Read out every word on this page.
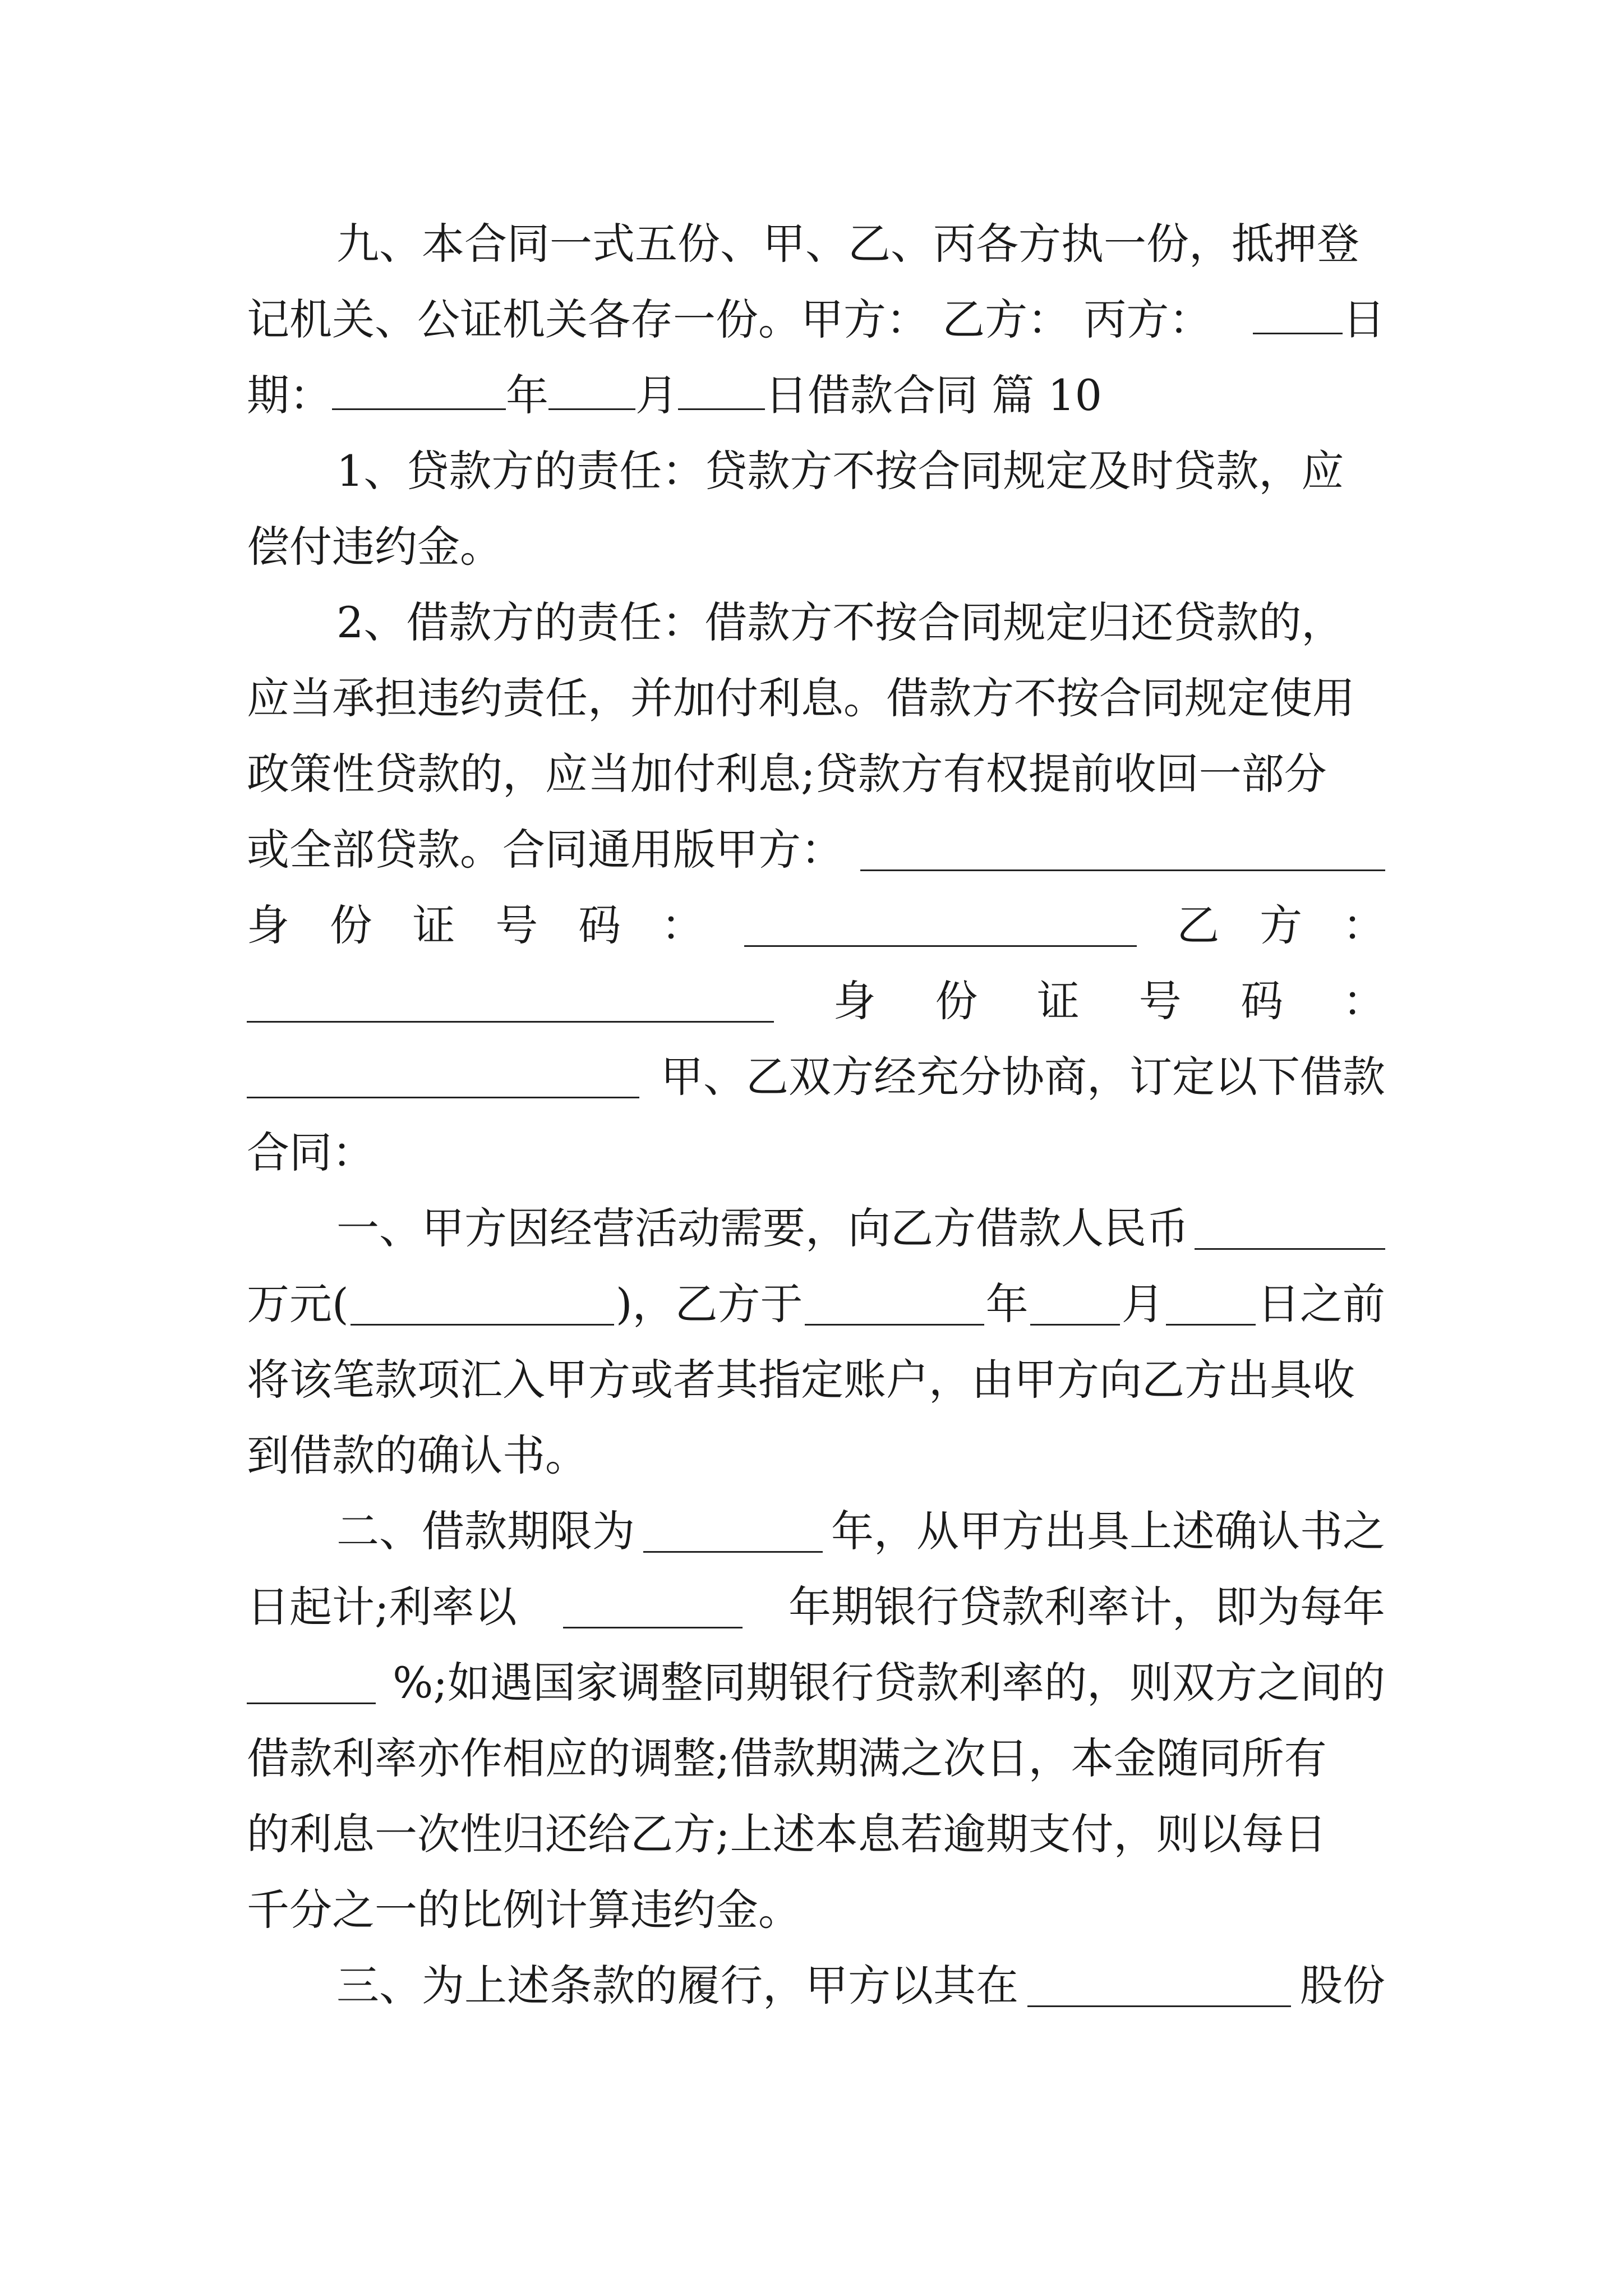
九、本合同一式五份、甲、乙、丙各方执一份，抵押登
记机关、公证机关各存一份。甲方： 乙方： 丙方：	日
期：	年 月 日借款合同 篇 10
1、贷款方的责任：贷款方不按合同规定及时贷款，应
偿付违约金。
2、借款方的责任：借款方不按合同规定归还贷款的，
应当承担违约责任，并加付利息。借款方不按合同规定使用
政策性贷款的，应当加付利息;贷款方有权提前收回一部分
或全部贷款。合同通用版甲方：
身 份 证 号 码 ：	乙 方 ：
身 份 证 号 码 ：
甲、乙双方经充分协商，订定以下借款
合同：
一、甲方因经营活动需要，向乙方借款人民币
万元(	)，乙方于	年 月 日之前
将该笔款项汇入甲方或者其指定账户，由甲方向乙方出具收
到借款的确认书。
二、借款期限为	年，从甲方出具上述确认书之
日起计;利率以	年期银行贷款利率计，即为每年
%;如遇国家调整同期银行贷款利率的，则双方之间的
借款利率亦作相应的调整;借款期满之次日，本金随同所有
的利息一次性归还给乙方;上述本息若逾期支付，则以每日
千分之一的比例计算违约金。
三、为上述条款的履行，甲方以其在	股份
